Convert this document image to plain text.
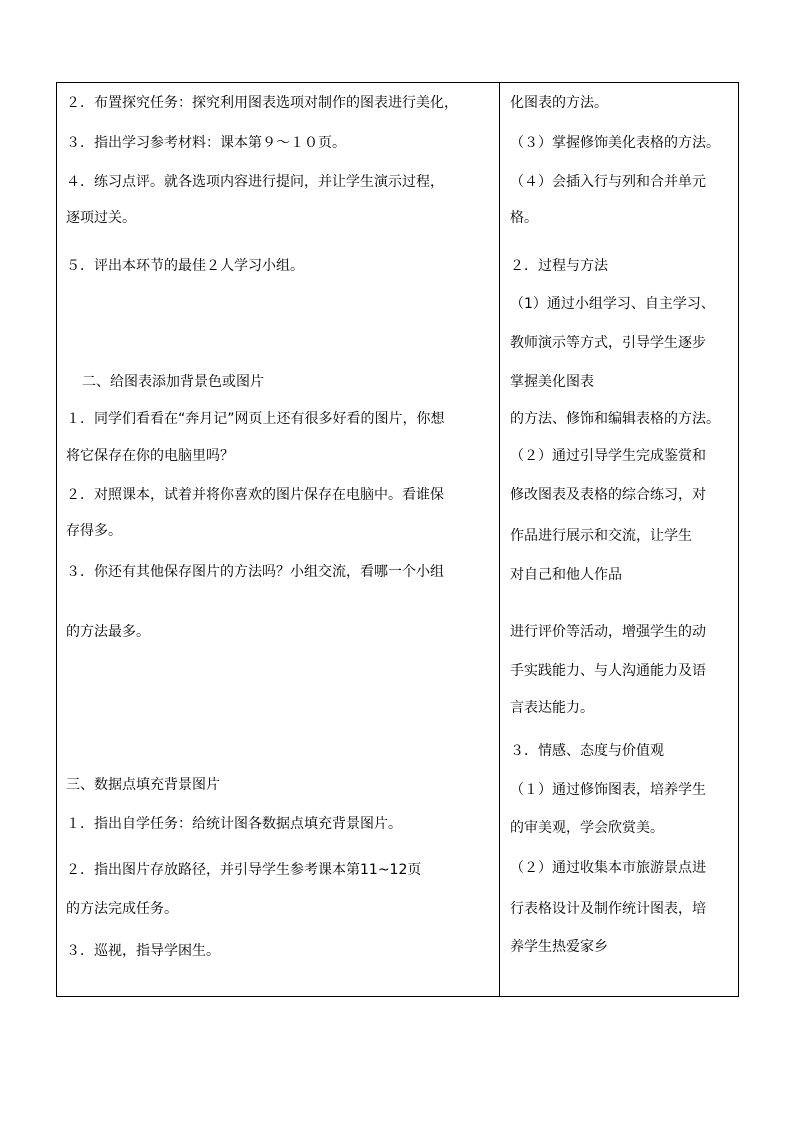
２．布置探究任务：探究利用图表选项对制作的图表进行美化，
３．指出学习参考材料：课本第９～１０页。
４．练习点评。就各选项内容进行提问，并让学生演示过程，
逐项过关。
５．评出本环节的最佳２人学习小组。
二、给图表添加背景色或图片
１．同学们看看在“奔月记”网页上还有很多好看的图片，你想
将它保存在你的电脑里吗？
２．对照课本，试着并将你喜欢的图片保存在电脑中。看谁保
存得多。
３．你还有其他保存图片的方法吗？小组交流，看哪一个小组
的方法最多。
三、数据点填充背景图片
１．指出自学任务：给统计图各数据点填充背景图片。
２．指出图片存放路径，并引导学生参考课本第11~12页
的方法完成任务。
３．巡视，指导学困生。
化图表的方法。
（３）掌握修饰美化表格的方法。
（４）会插入行与列和合并单元
格。
２．过程与方法
（1）通过小组学习、自主学习、
教师演示等方式，引导学生逐步
掌握美化图表
的方法、修饰和编辑表格的方法。
（２）通过引导学生完成鉴赏和
修改图表及表格的综合练习，对
作品进行展示和交流，让学生
对自己和他人作品
进行评价等活动，增强学生的动
手实践能力、与人沟通能力及语
言表达能力。
３．情感、态度与价值观
（１）通过修饰图表，培养学生
的审美观，学会欣赏美。
（２）通过收集本市旅游景点进
行表格设计及制作统计图表，培
养学生热爱家乡
